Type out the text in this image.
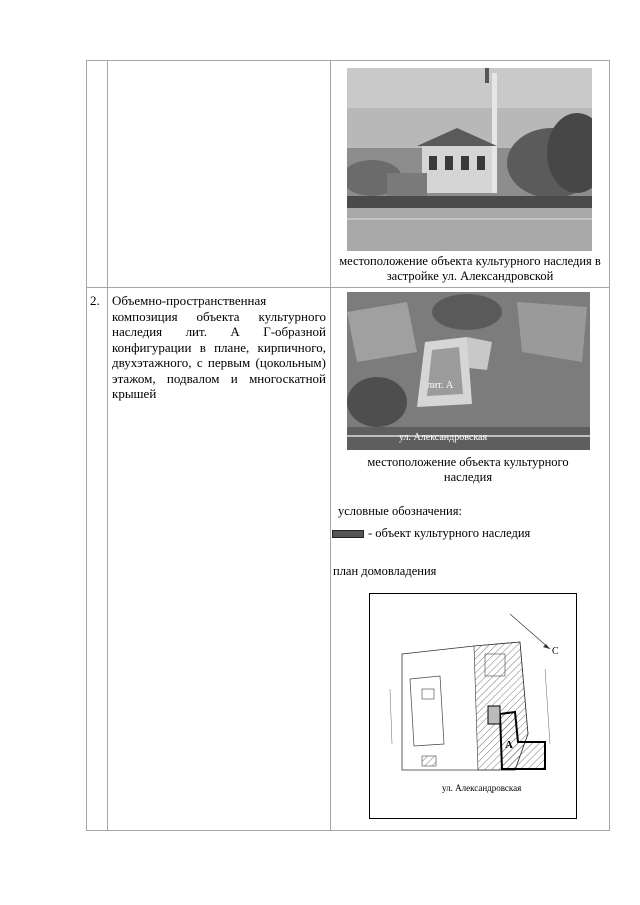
местоположение объекта культурного наследия в застройке ул. Александровской
2. Объемно-пространственная композиция объекта культурного наследия лит. А Г-образной конфигурации в плане, кирпичного, двухэтажного, с первым (цокольным) этажом, подвалом и многоскатной крышей
лит. А
ул. Александровская
местоположение объекта культурного наследия
условные обозначения:
- объект культурного наследия
план домовладения
А
С
ул. Александровская
